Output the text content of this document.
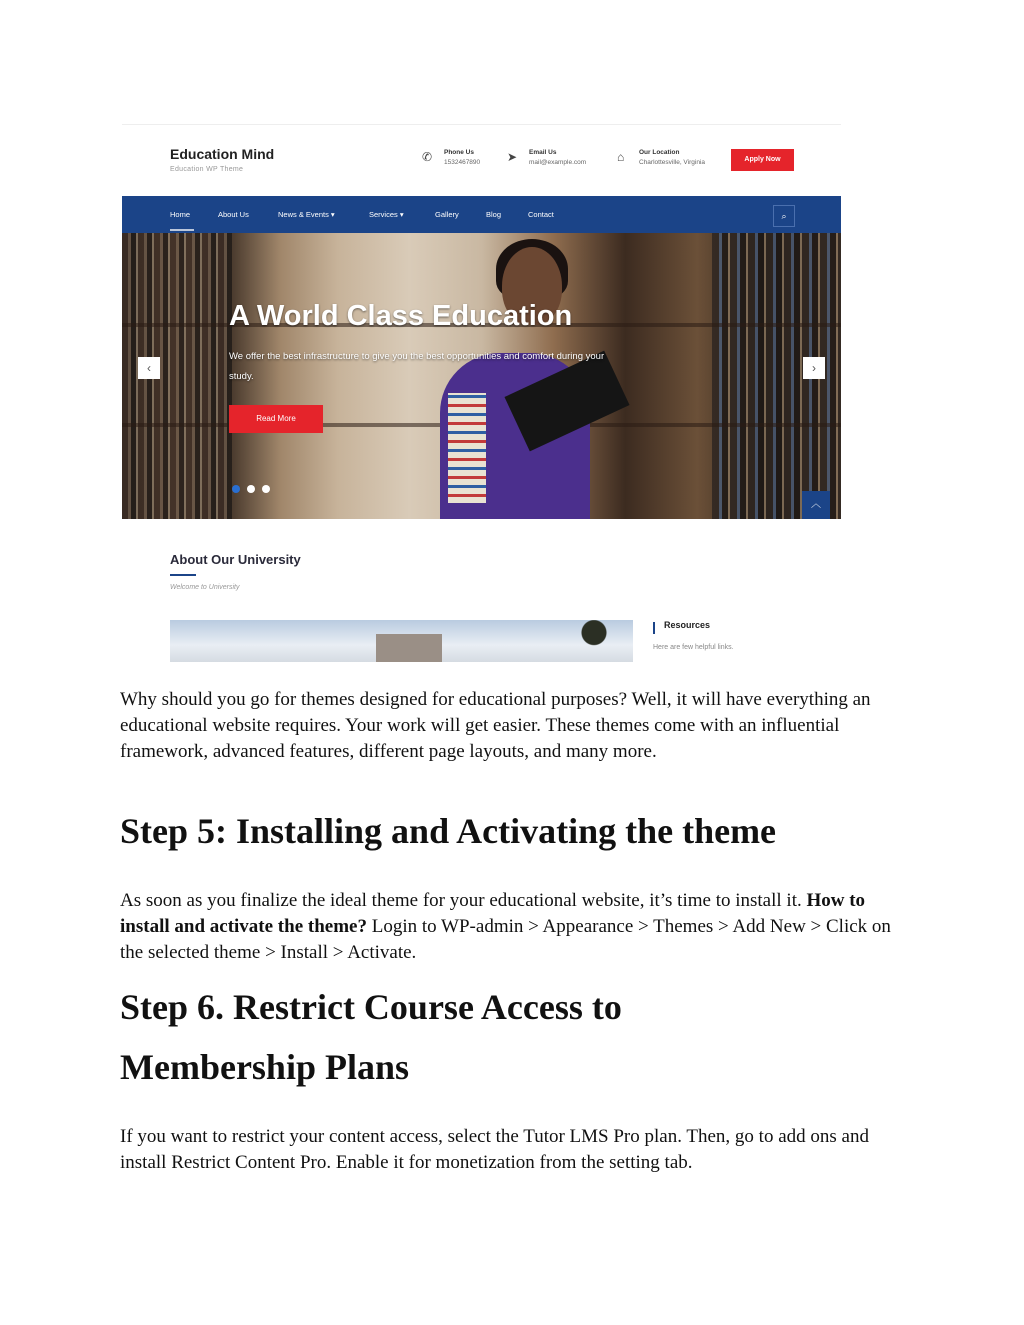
Education Mind
Education WP Theme
✆	Phone Us
1532467890 ➤	Email Us
mail@example.com	⌂	Our Location
Charlottesville, Virginia	Apply Now
Home	About Us	News & Events ▾	Services ▾	Gallery	Blog	Contact	⌕
A World Class Education
We offer the best infrastructure to give you the best opportunities and comfort during your study.
Read More
‹	›
︿
About Our University
Welcome to University
Resources
Here are few helpful links.

Why should you go for themes designed for educational purposes? Well, it will have everything an educational website requires. Your work will get easier. These themes come with an influential framework, advanced features, different page layouts, and many more.

Step 5: Installing and Activating the theme

As soon as you finalize the ideal theme for your educational website, it’s time to install it. How to install and activate the theme? Login to WP-admin > Appearance > Themes > Add New > Click on the selected theme > Install > Activate.

Step 6. Restrict Course Access to
Membership Plans

If you want to restrict your content access, select the Tutor LMS Pro plan. Then, go to add ons and install Restrict Content Pro. Enable it for monetization from the setting tab.
